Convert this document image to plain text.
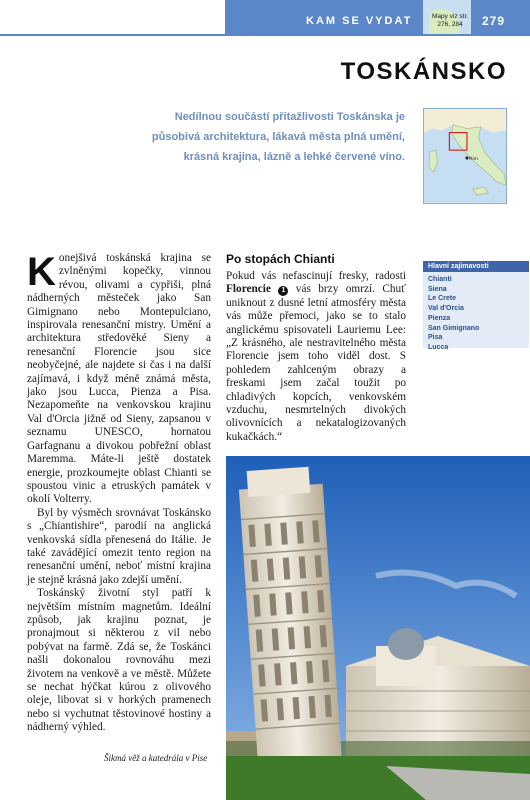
KAM SE VYDAT	Mapy viz str.
276, 284	279
TOSKÁNSKO

Nedílnou součástí přitažlivosti Toskánska je působivá architektura, lákavá města plná umění, krásná krajina, lázně a lehké červené víno.	Řím

Konejšivá toskánská krajina se zvlněnými kopečky, vinnou révou, olivami a cypřiši, plná nádherných městeček jako San Gimignano nebo Montepulciano, inspirovala renesanční mistry. Umění a architektura středověké Sieny a renesanční Florencie jsou sice neobyčejné, ale najdete si čas i na další zajímavá, i když méně známá města, jako jsou Lucca, Pienza a Pisa. Nezapomeňte na venkovskou krajinu Val d'Orcia jižně od Sieny, zapsanou v seznamu UNESCO, hornatou Garfagnanu a divokou pobřežní oblast Maremma. Máte-li ještě dostatek energie, prozkoumejte oblast Chianti se spoustou vinic a etruských památek v okolí Volterry.

Byl by výsměch srovnávat Toskánsko s „Chiantishire“, parodií na anglická venkovská sídla přenesená do Itálie. Je také zavádějící omezit tento region na renesanční umění, neboť místní krajina je stejně krásná jako zdejší umění.

Toskánský životní styl patří k největším místním magnetům. Ideální způsob, jak krajinu poznat, je pronajmout si některou z vil nebo pobývat na farmě. Zdá se, že Toskánci našli dokonalou rovnováhu mezi životem na venkově a ve městě. Můžete se nechat hýčkat kúrou z olivového oleje, libovat si v horkých pramenech nebo si vychutnat těstovinové hostiny a nádherný výhled.

Šikmá věž a katedrála v Pise
Po stopách Chianti
Pokud vás nefascinují fresky, radosti Florencie 1 vás brzy omrzí. Chuť uniknout z dusné letní atmosféry města vás může přemoci, jako se to stalo anglickému spisovateli Lauriemu Lee: „Z krásného, ale nestravitelného města Florencie jsem toho viděl dost. S pohledem zahlceným obrazy a freskami jsem začal toužit po chladivých kopcích, venkovském vzduchu, nesmrtelných divokých olivovnících a nekatalogizovaných kukačkách.“
Hlavní zajímavosti
Chianti
Siena
Le Crete
Val d'Orcia
Pienza
San Gimignano
Pisa
Lucca
